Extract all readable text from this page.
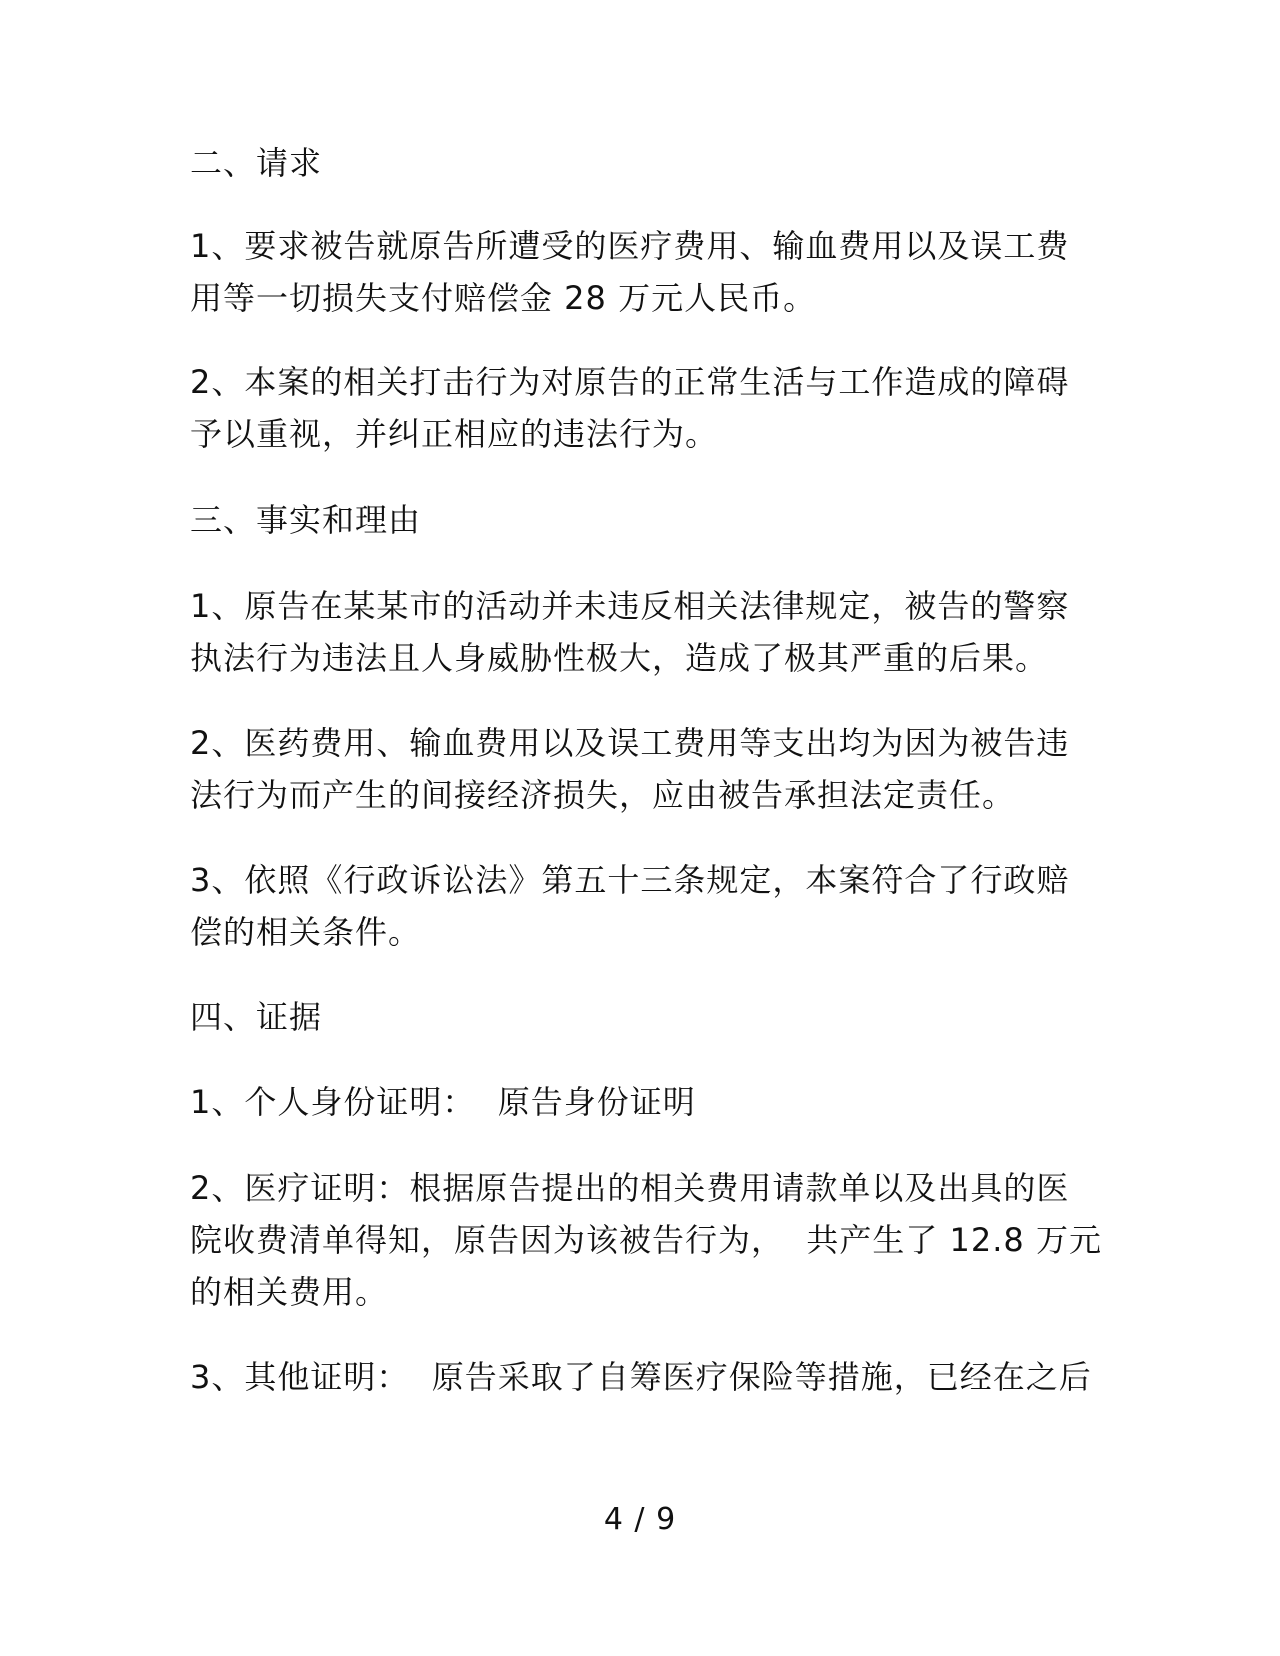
二、请求
1、要求被告就原告所遭受的医疗费用、输血费用以及误工费
用等一切损失支付赔偿金 28 万元人民币。
2、本案的相关打击行为对原告的正常生活与工作造成的障碍
予以重视，并纠正相应的违法行为。
三、事实和理由
1、原告在某某市的活动并未违反相关法律规定，被告的警察
执法行为违法且人身威胁性极大，造成了极其严重的后果。
2、医药费用、输血费用以及误工费用等支出均为因为被告违
法行为而产生的间接经济损失，应由被告承担法定责任。
3、依照《行政诉讼法》第五十三条规定，本案符合了行政赔
偿的相关条件。
四、证据
1、个人身份证明：  原告身份证明
2、医疗证明：根据原告提出的相关费用请款单以及出具的医
院收费清单得知，原告因为该被告行为，  共产生了 12.8 万元
的相关费用。
3、其他证明：  原告采取了自筹医疗保险等措施，已经在之后
4 / 9
